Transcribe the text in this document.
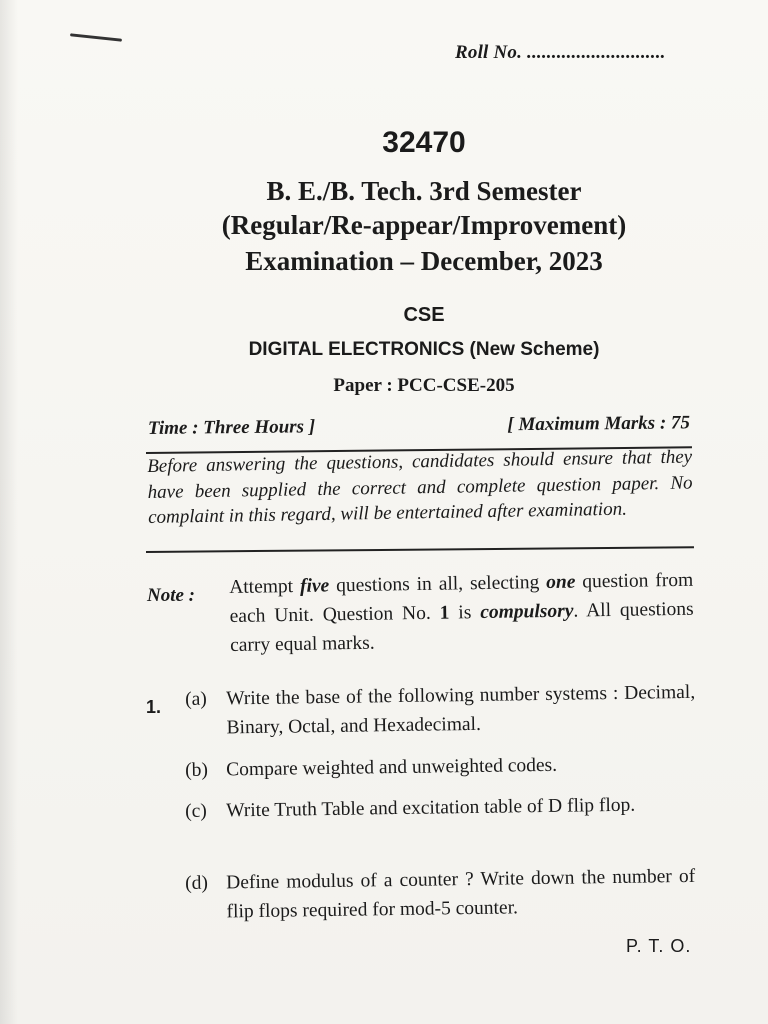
Roll No. ............................
32470
B. E./B. Tech. 3rd Semester
(Regular/Re-appear/Improvement)
Examination – December, 2023
CSE
DIGITAL ELECTRONICS (New Scheme)
Paper : PCC-CSE-205
Time : Three Hours ]	[ Maximum Marks : 75
Before answering the questions, candidates should ensure that they have been supplied the correct and complete question paper. No complaint in this regard, will be entertained after examination.
Note : Attempt five questions in all, selecting one question from each Unit. Question No. 1 is compulsory. All questions carry equal marks.
1. (a) Write the base of the following number systems : Decimal, Binary, Octal, and Hexadecimal.
(b) Compare weighted and unweighted codes.
(c) Write Truth Table and excitation table of D flip flop.
(d) Define modulus of a counter ? Write down the number of flip flops required for mod-5 counter.
P. T. O.
